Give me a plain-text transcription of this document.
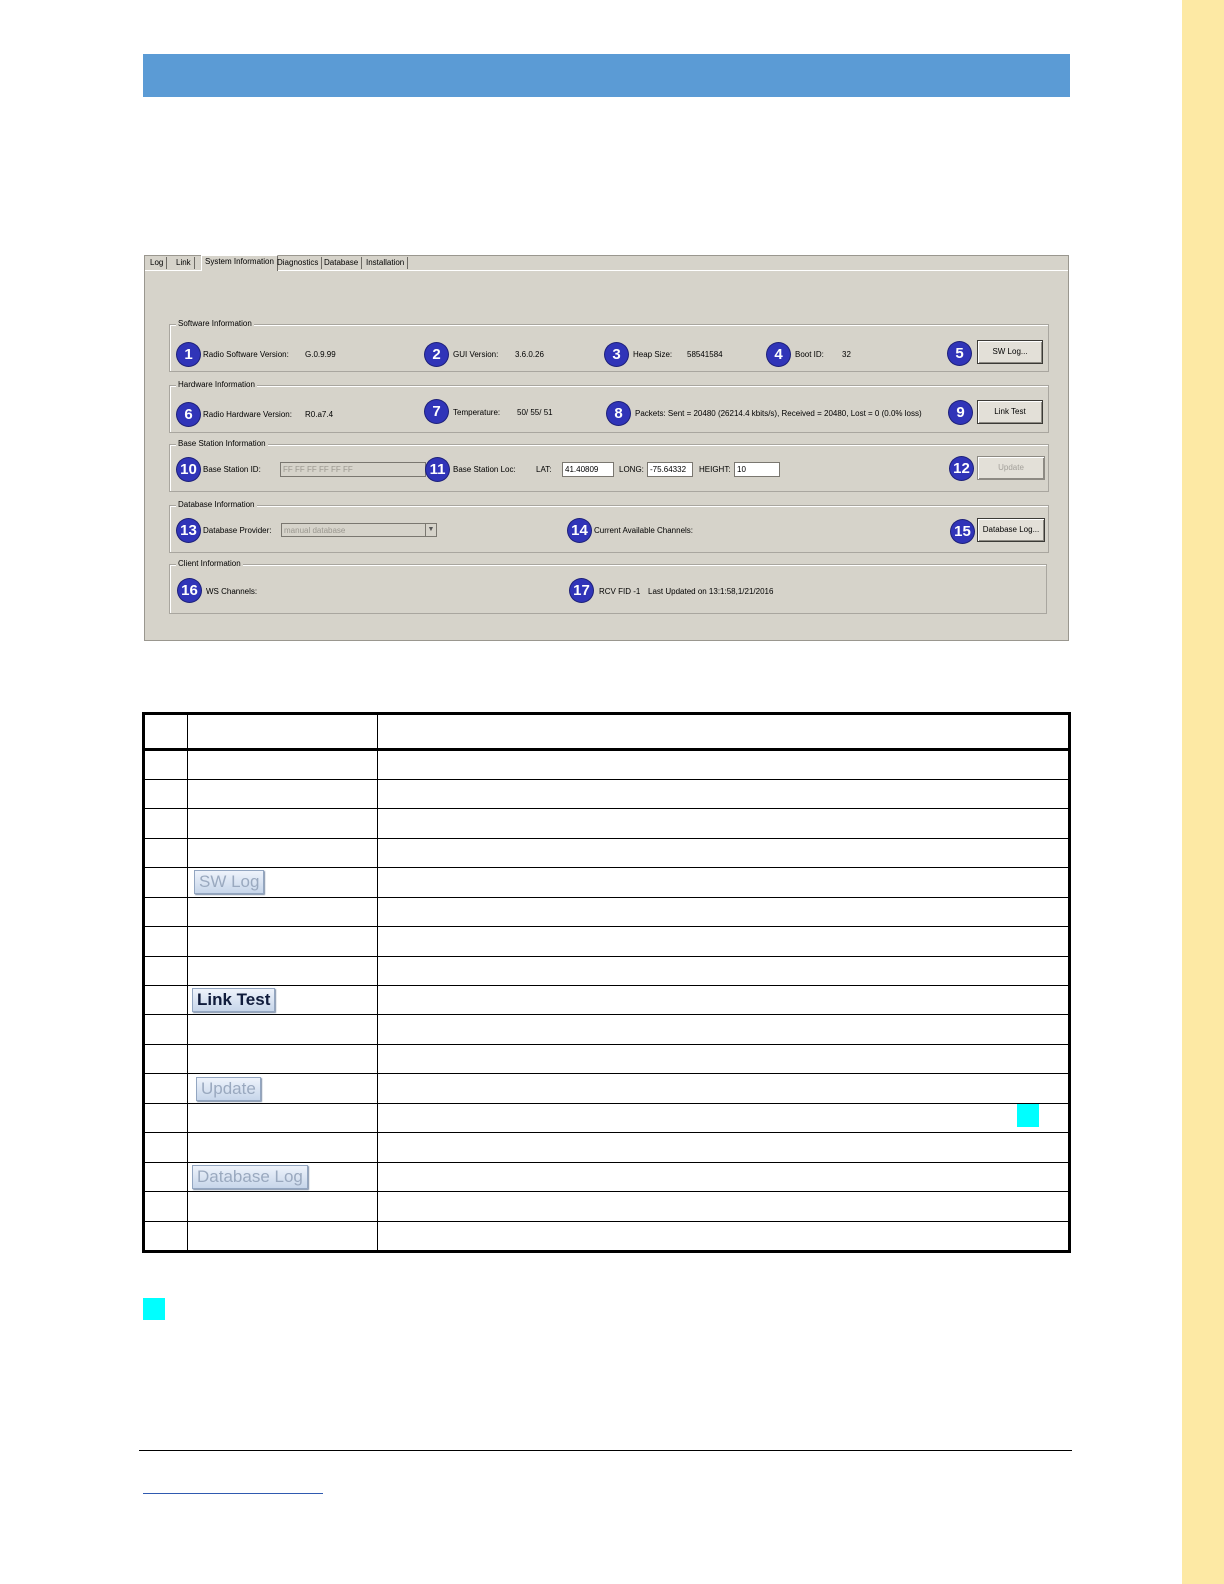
Log	Link	System Information Diagnostics Database Installation
Software Information
1	Radio Software Version: G.0.9.99	2	GUI Version: 3.6.0.26	3	Heap Size: 58541584	4	Boot ID: 32	5	SW Log...
Hardware Information
6	Radio Hardware Version: R0.a7.4	7	Temperature: 50/ 55/ 51	8	Packets: Sent = 20480 (26214.4 kbits/s), Received = 20480, Lost = 0 (0.0% loss)	9	Link Test
Base Station Information
10 Base Station ID:	FF FF FF FF FF FF	11 Base Station Loc:	LAT:	41.40809	LONG: -75.64332	HEIGHT: 10	12	Update
Database Information
13 Database Provider:	manual database	▼	14 Current Available Channels:	15	Database Log...
Client Information
16	WS Channels:	17	RCV FID -1 Last Updated on 13:1:58,1/21/2016

	SW Log	

	Link Test	

	Update	

	Database Log	
